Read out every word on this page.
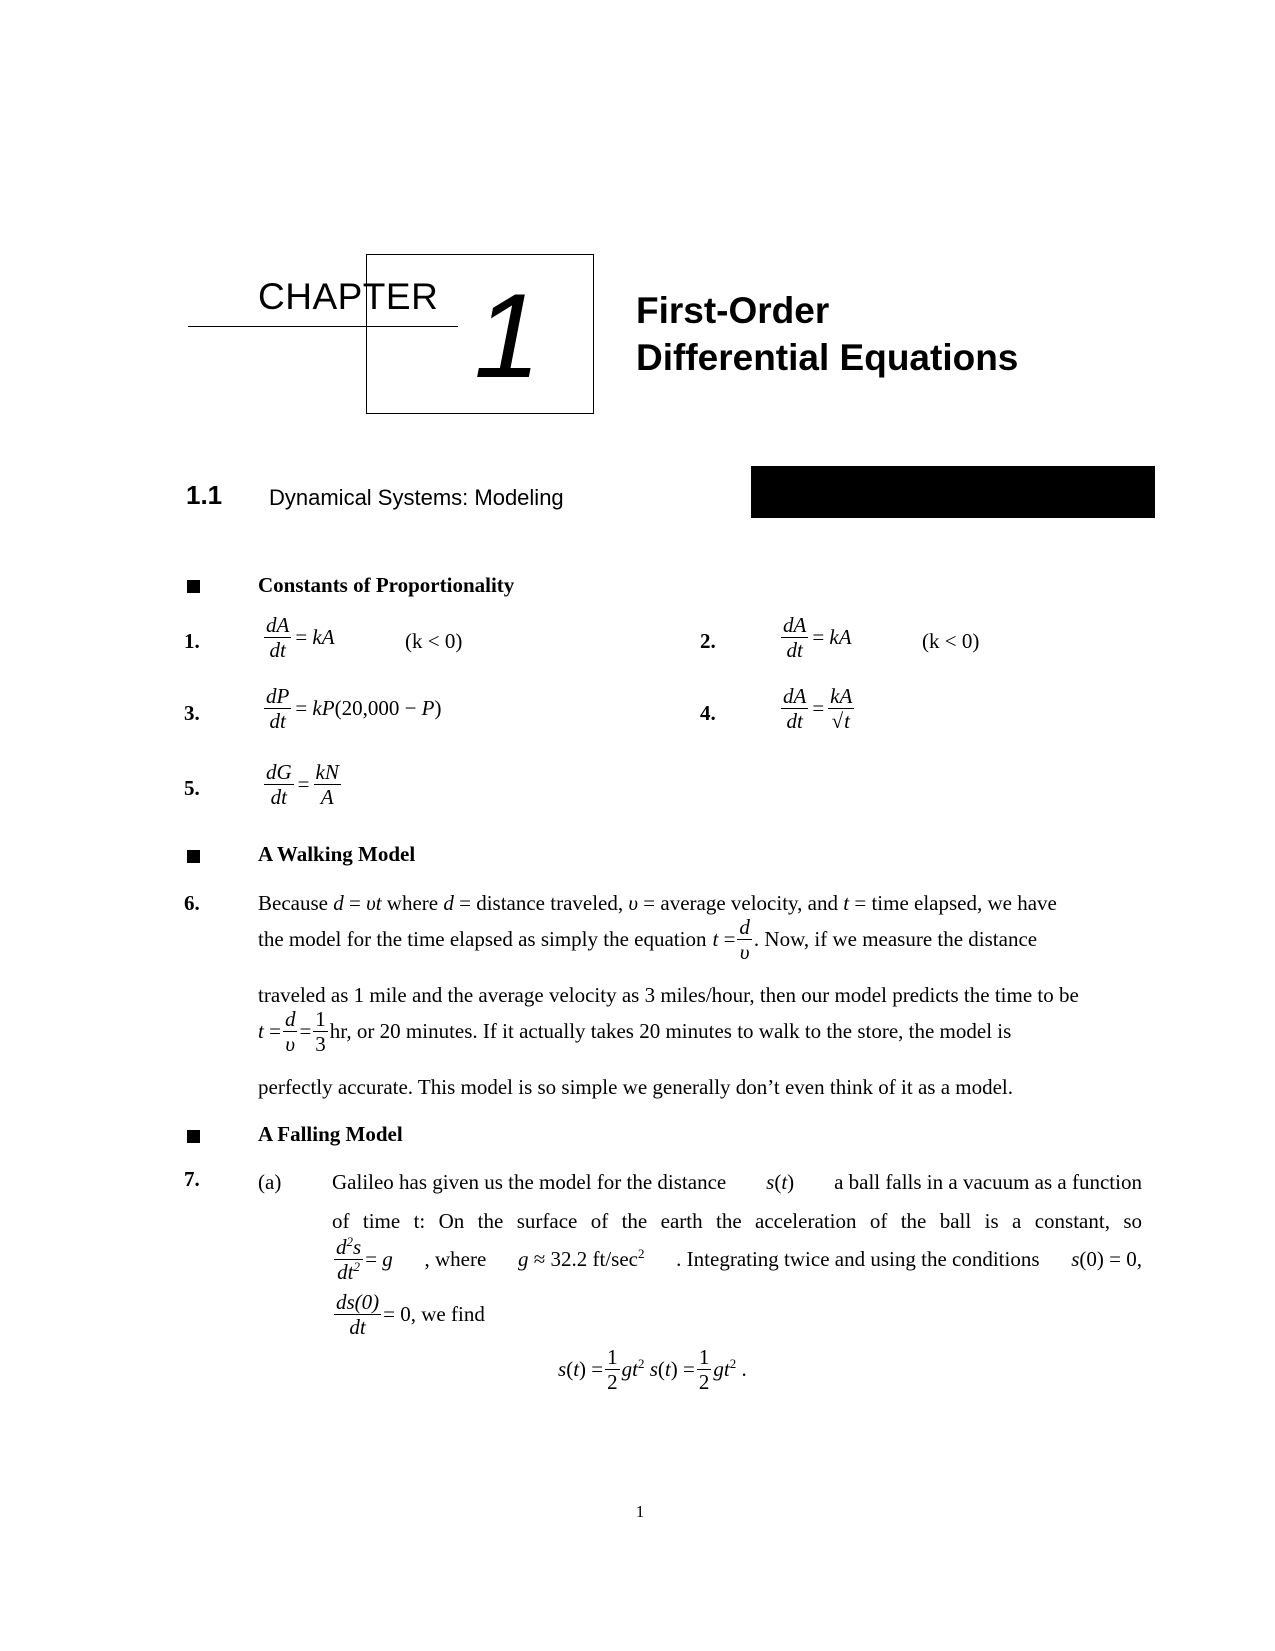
CHAPTER 1	First-Order
Differential Equations
1.1 Dynamical Systems: Modeling
Constants of Proportionality
1.	$\frac{dA}{dt}$ = kA	(k < 0)	2.	$\frac{dA}{dt}$ = kA	(k < 0)
3.	$\frac{dP}{dt} = kP(20,000 - P)$	4.	$\frac{dA}{dt} = \frac{kA}{√t}$
5.	$\frac{dG}{dt} = \frac{kN}{A}$
A Walking Model
6.	Because d = υt where d = distance traveled, υ = average velocity, and t = time elapsed, we have
the model for the time elapsed as simply the equation $t = \frac{d}{\upsilon}$ . Now, if we measure the distance
traveled as 1 mile and the average velocity as 3 miles/hour, then our model predicts the time to be
$t = \frac{d}{\upsilon} = \frac{1}{3}$ hr, or 20 minutes. If it actually takes 20 minutes to walk to the store, the model is
perfectly accurate. This model is so simple we generally don’t even think of it as a model.
A Falling Model
7.	(a) Galileo has given us the model for the distance s(t) a ball falls in a vacuum as a function
of time t: On the surface of the earth the acceleration of the ball is a constant, so
$\frac{d^2s}{dt^2} = g$ , where g ≈ 32.2 $ft/\sec^2$ . Integrating twice and using the conditions s(0) = 0,
$\frac{ds(0)}{dt} = 0$ , we find
$s(t) = \frac{1}{2} gt^2$ $s(t) = \frac{1}{2} gt^2$ .
1
